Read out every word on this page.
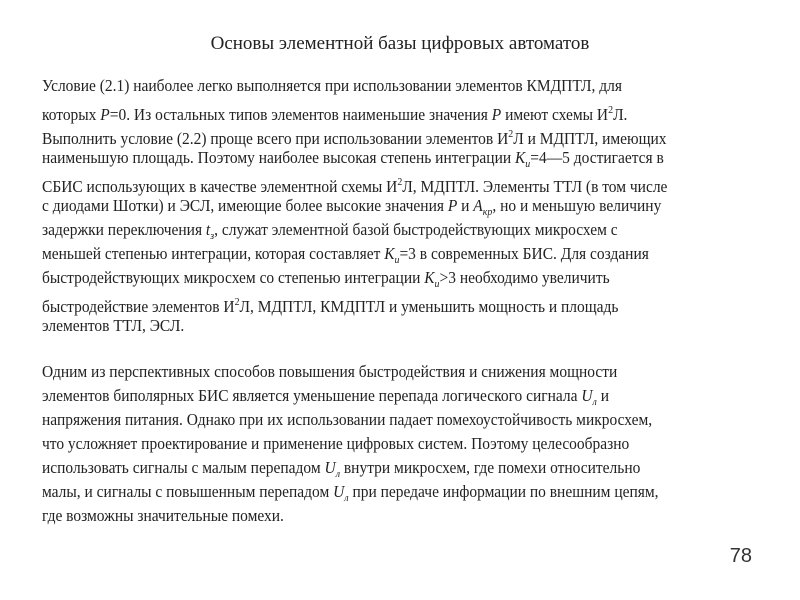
Основы элементной базы цифровых автоматов
Условие (2.1) наиболее легко выполняется при использовании элементов КМДПТЛ, для
которых P=0. Из остальных типов элементов наименьшие значения P имеют схемы $И^2Л$.
Выполнить условие (2.2) проще всего при использовании элементов $И^2Л$ и МДПТЛ, имеющих
наименьшую площадь. Поэтому наиболее высокая степень интеграции $К_и=4—5$ достигается в
СБИС использующих в качестве элементной схемы $И^2Л$, МДПТЛ. Элементы ТТЛ (в том числе
с диодами Шотки) и ЭСЛ, имеющие более высокие значения P и $A_{кр}$, но и меньшую величину
задержки переключения $t_з$, служат элементной базой быстродействующих микросхем с
меньшей степенью интеграции, которая составляет $К_и=3$ в современных БИС. Для создания
быстродействующих микросхем со степенью интеграции $К_и>3$ необходимо увеличить
быстродействие элементов $И^2Л$, МДПТЛ, КМДПТЛ и уменьшить мощность и площадь
элементов ТТЛ, ЭСЛ.
Одним из перспективных способов повышения быстродействия и снижения мощности
элементов биполярных БИС является уменьшение перепада логического сигнала $U_л$ и
напряжения питания. Однако при их использовании падает помехоустойчивость микросхем,
что усложняет проектирование и применение цифровых систем. Поэтому целесообразно
использовать сигналы с малым перепадом $U_л$ внутри микросхем, где помехи относительно
малы, и сигналы с повышенным перепадом $U_л$ при передаче информации по внешним цепям,
где возможны значительные помехи.
78
